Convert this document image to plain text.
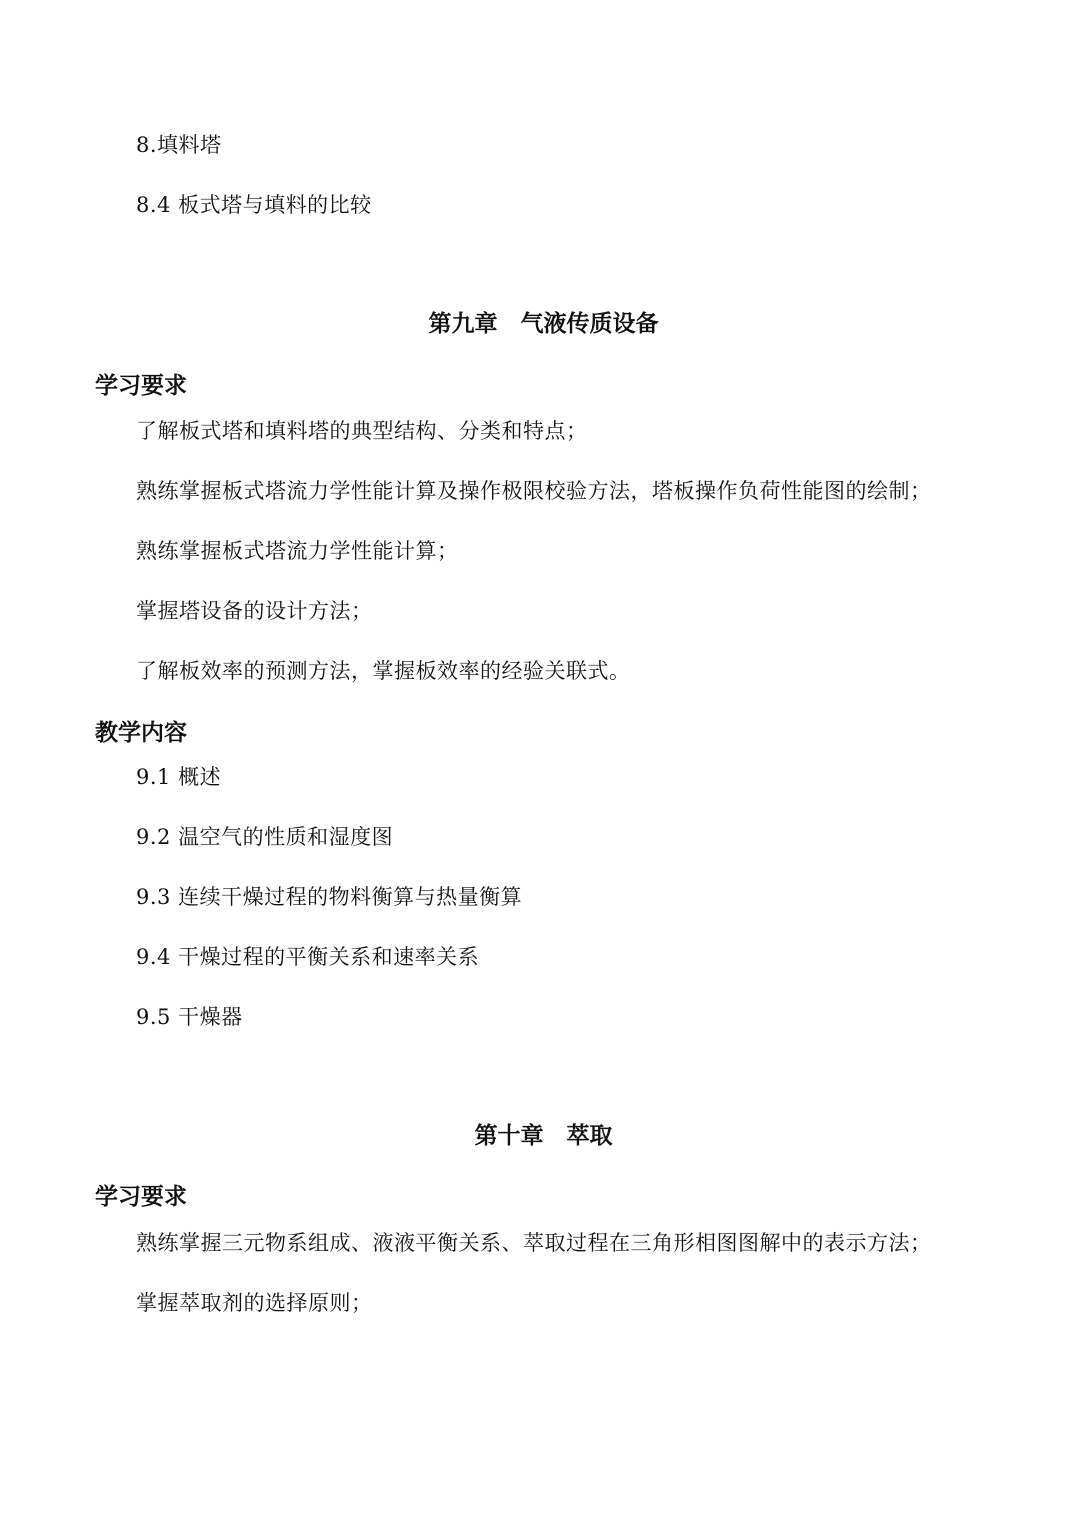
8.填料塔
8.4 板式塔与填料的比较
第九章　气液传质设备
学习要求
了解板式塔和填料塔的典型结构、分类和特点；
熟练掌握板式塔流力学性能计算及操作极限校验方法，塔板操作负荷性能图的绘制；
熟练掌握板式塔流力学性能计算；
掌握塔设备的设计方法；
了解板效率的预测方法，掌握板效率的经验关联式。
教学内容
9.1 概述
9.2 温空气的性质和湿度图
9.3 连续干燥过程的物料衡算与热量衡算
9.4 干燥过程的平衡关系和速率关系
9.5 干燥器
第十章　萃取
学习要求
熟练掌握三元物系组成、液液平衡关系、萃取过程在三角形相图图解中的表示方法；
掌握萃取剂的选择原则；
